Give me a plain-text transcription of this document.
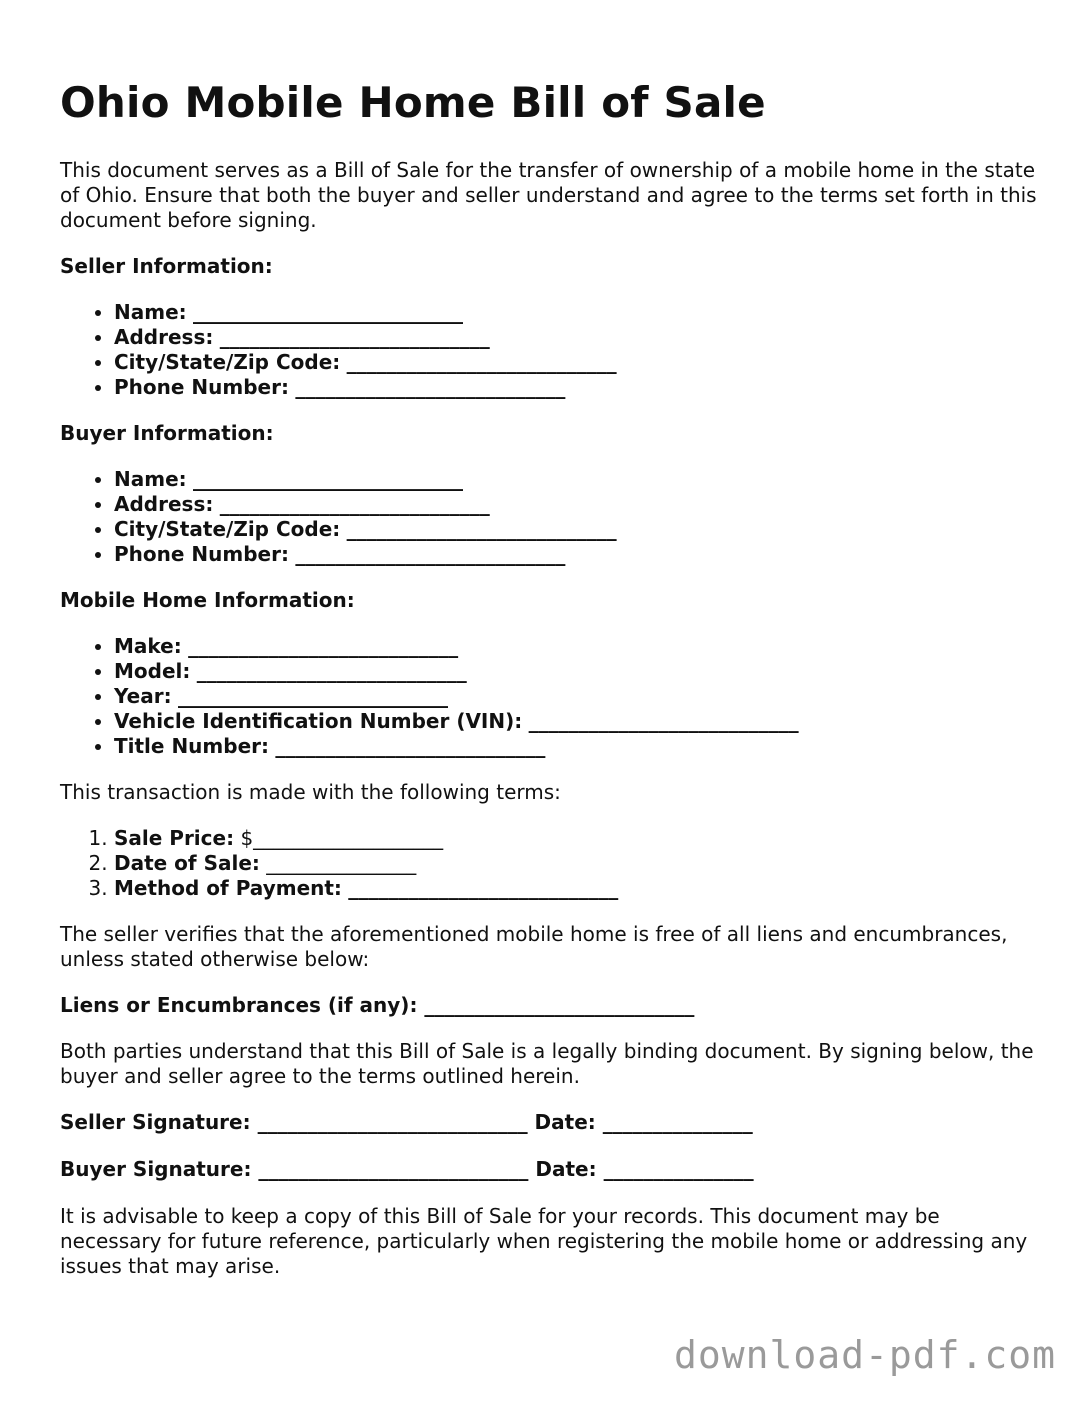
Ohio Mobile Home Bill of Sale

This document serves as a Bill of Sale for the transfer of ownership of a mobile home in the state of Ohio. Ensure that both the buyer and seller understand and agree to the terms set forth in this document before signing.

Seller Information:

• Name: ___________________________
• Address: ___________________________
• City/State/Zip Code: ___________________________
• Phone Number: ___________________________

Buyer Information:

• Name: ___________________________
• Address: ___________________________
• City/State/Zip Code: ___________________________
• Phone Number: ___________________________

Mobile Home Information:

• Make: ___________________________
• Model: ___________________________
• Year: ___________________________
• Vehicle Identification Number (VIN): ___________________________
• Title Number: ___________________________

This transaction is made with the following terms:

1. Sale Price: $___________________
2. Date of Sale: _______________
3. Method of Payment: ___________________________

The seller verifies that the aforementioned mobile home is free of all liens and encumbrances, unless stated otherwise below:

Liens or Encumbrances (if any): ___________________________

Both parties understand that this Bill of Sale is a legally binding document. By signing below, the buyer and seller agree to the terms outlined herein.

Seller Signature: ___________________________ Date: _______________
Buyer Signature: ___________________________ Date: _______________

It is advisable to keep a copy of this Bill of Sale for your records. This document may be necessary for future reference, particularly when registering the mobile home or addressing any issues that may arise.

download-pdf.com
